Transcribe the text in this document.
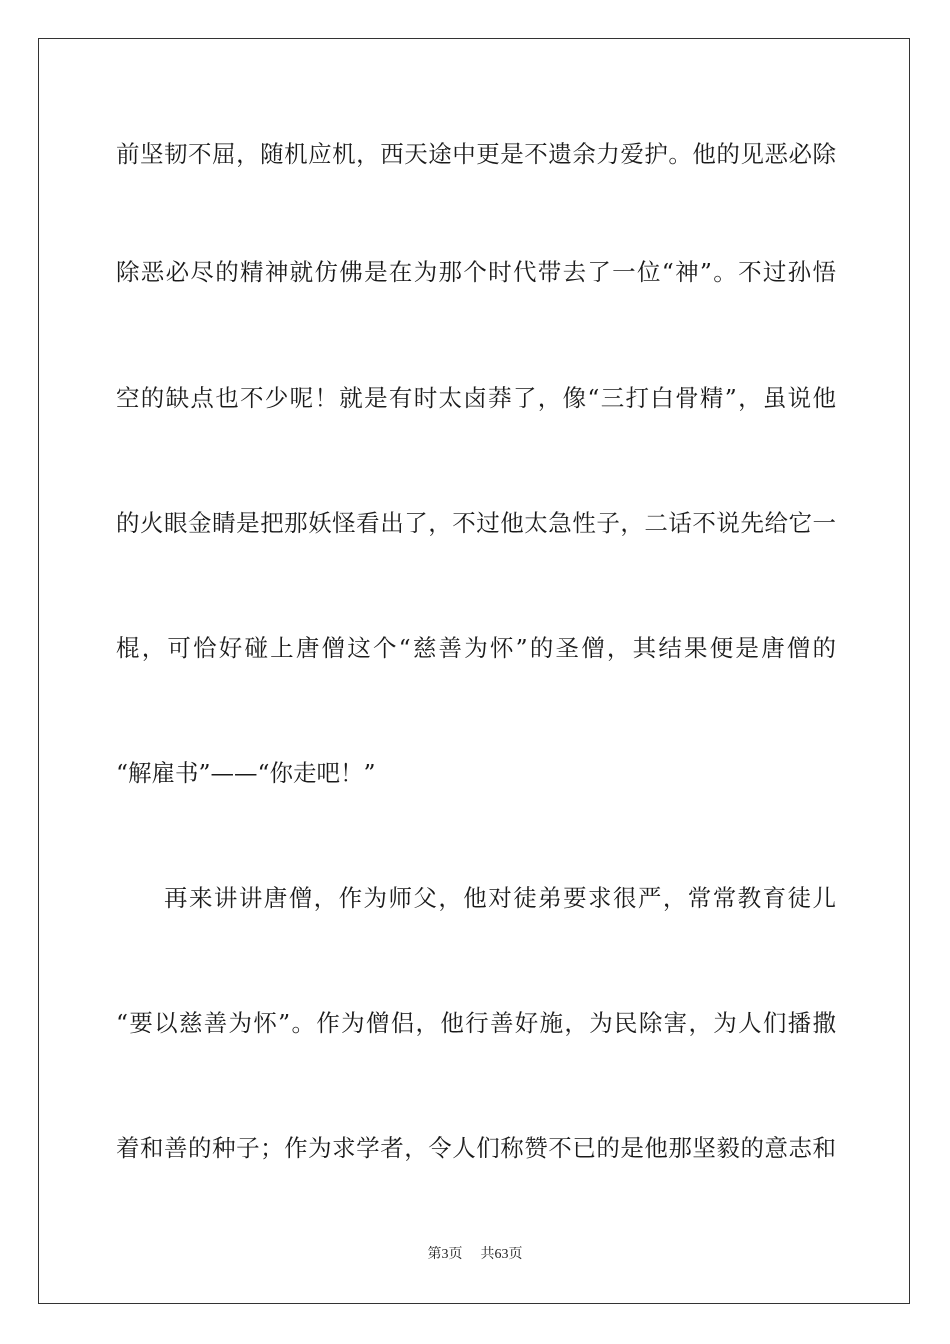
前坚韧不屈，随机应机，西天途中更是不遗余力爱护。他的见恶必除
除恶必尽的精神就仿佛是在为那个时代带去了一位“神”。不过孙悟
空的缺点也不少呢！就是有时太卤莽了，像“三打白骨精”，虽说他
的火眼金睛是把那妖怪看出了，不过他太急性子，二话不说先给它一
棍，可恰好碰上唐僧这个“慈善为怀”的圣僧，其结果便是唐僧的
“解雇书”——“你走吧！”
再来讲讲唐僧，作为师父，他对徒弟要求很严，常常教育徒儿
“要以慈善为怀”。作为僧侣，他行善好施，为民除害，为人们播撒
着和善的种子；作为求学者，令人们称赞不已的是他那坚毅的意志和
第3页 共63页
